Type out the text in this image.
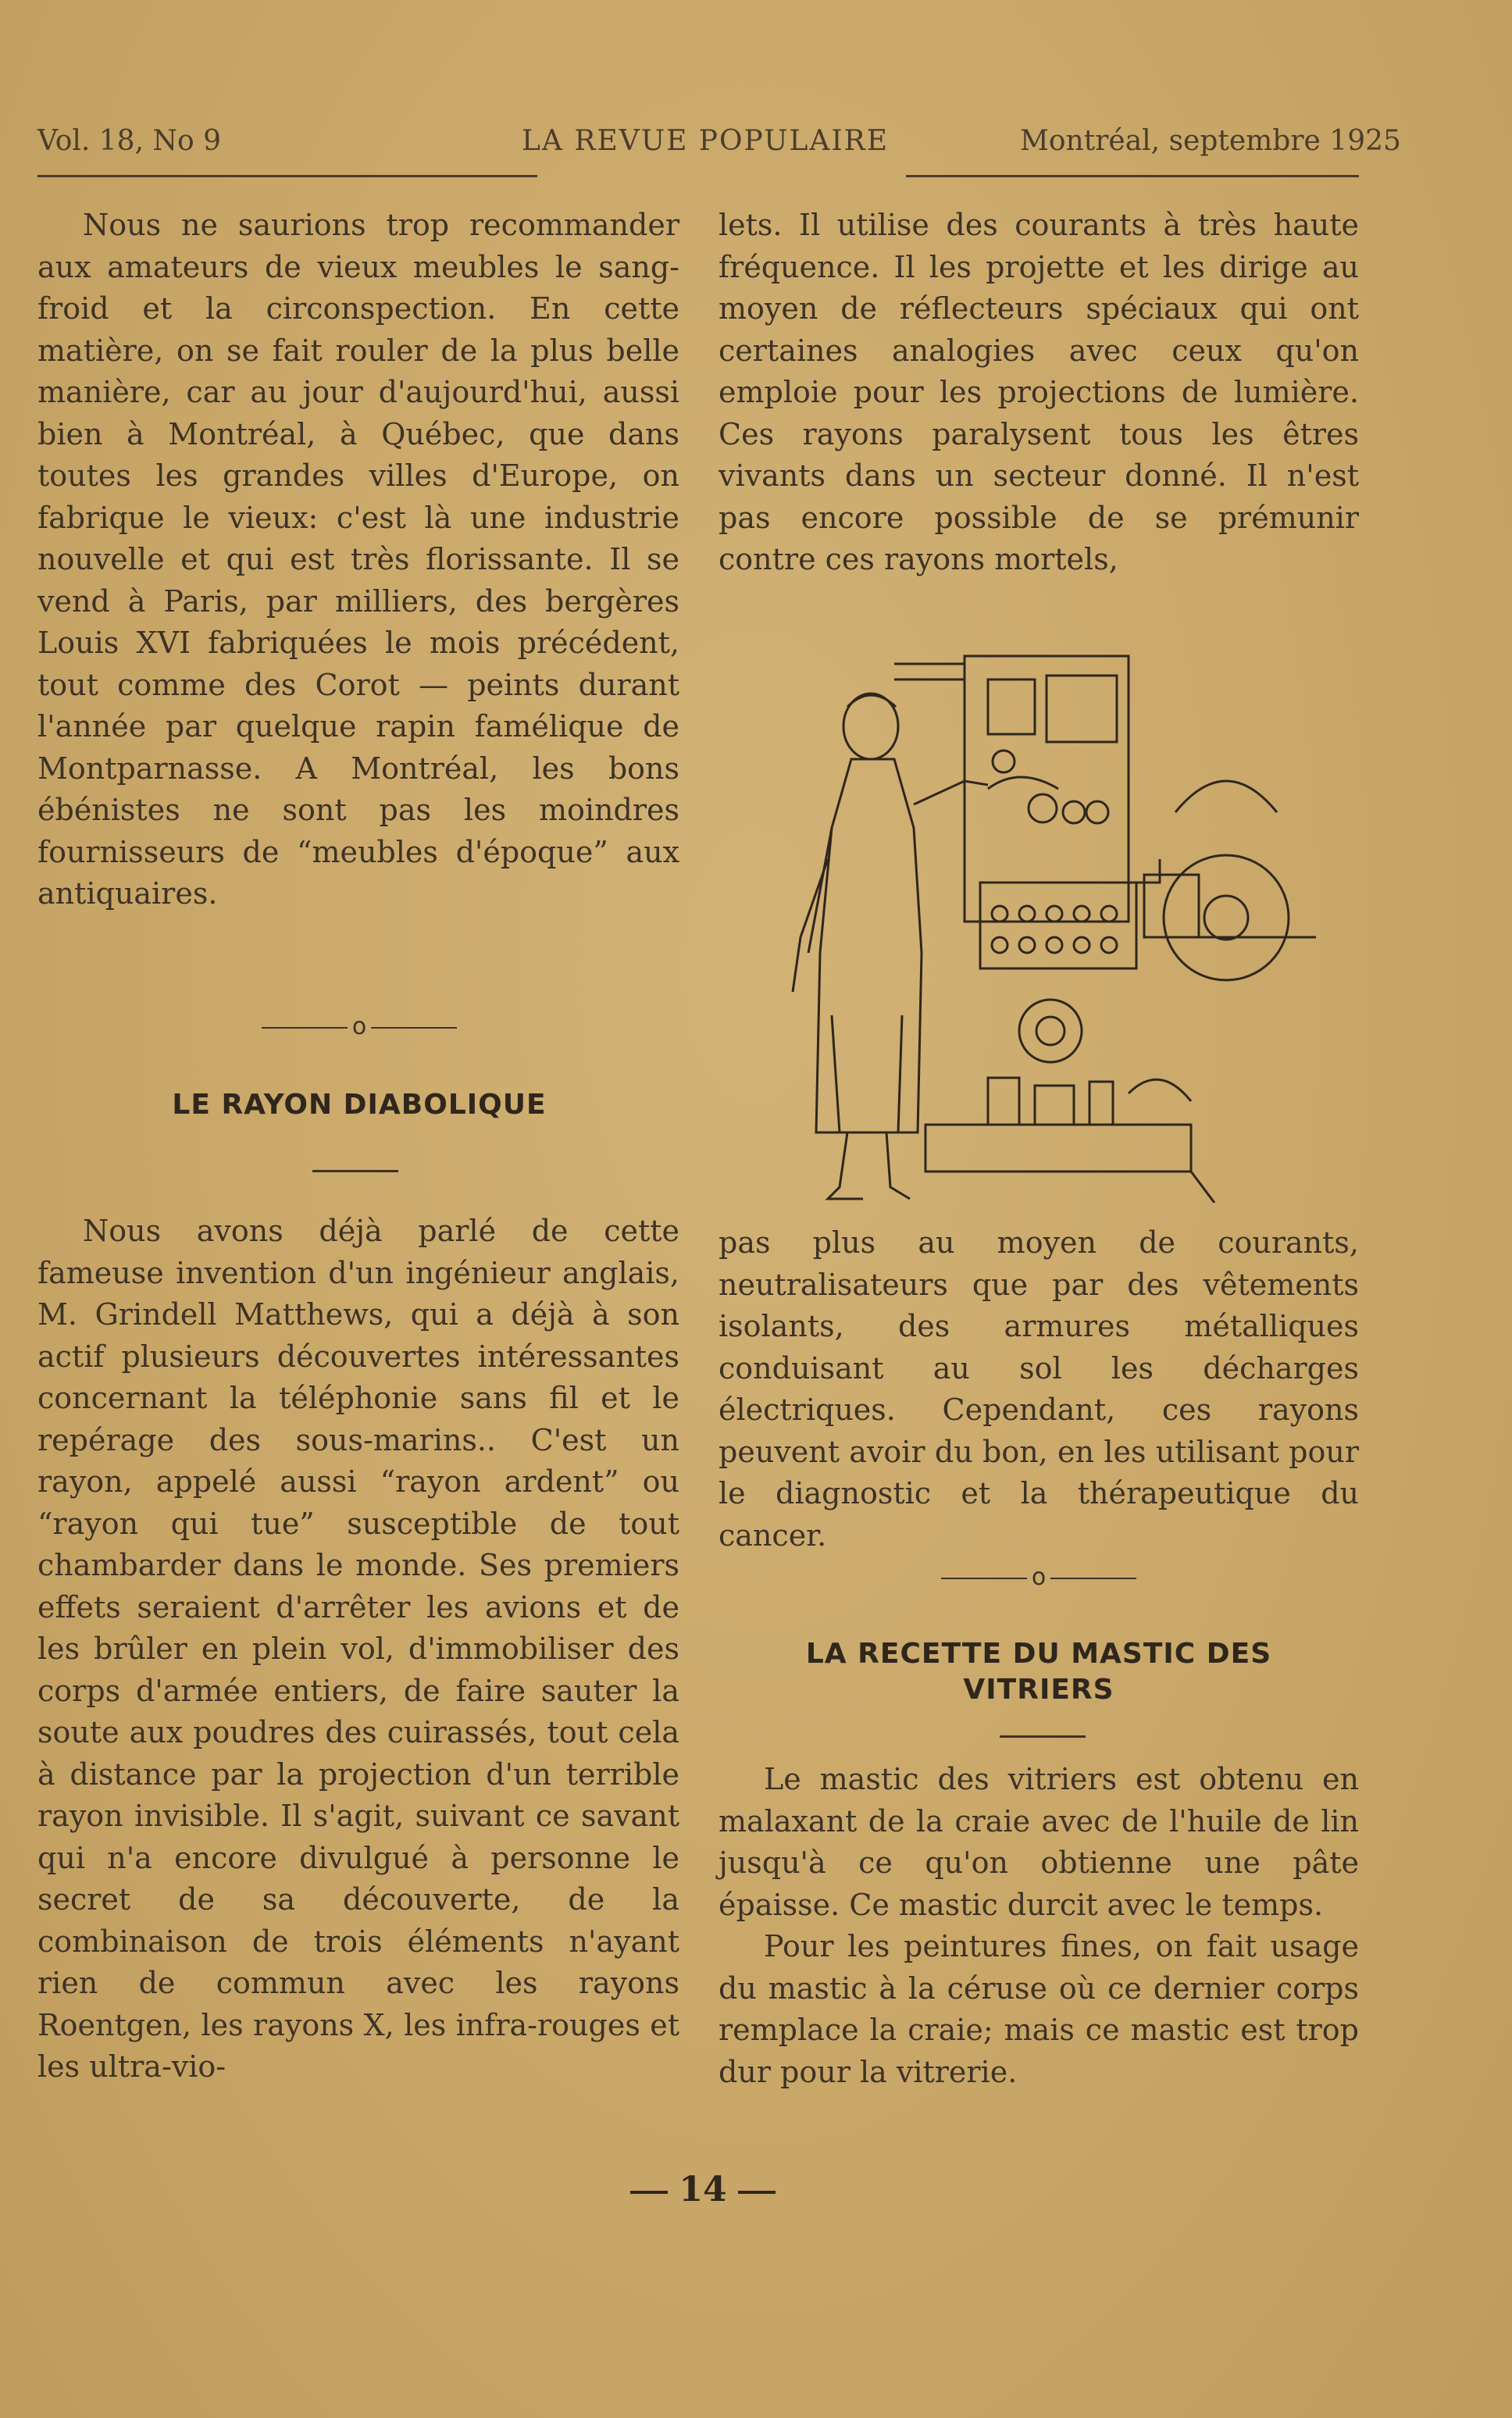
Vol. 18, No 9	LA REVUE POPULAIRE	Montréal, septembre 1925

Nous ne saurions trop recommander aux amateurs de vieux meubles le sang-froid et la circonspection. En cette matière, on se fait rouler de la plus belle manière, car au jour d'aujourd'hui, aussi bien à Montréal, à Québec, que dans toutes les grandes villes d'Europe, on fabrique le vieux: c'est là une industrie nouvelle et qui est très florissante. Il se vend à Paris, par milliers, des bergères Louis XVI fabriquées le mois précédent, tout comme des Corot — peints durant l'année par quelque rapin famélique de Montparnasse. A Montréal, les bons ébénistes ne sont pas les moindres fournisseurs de “meubles d'époque” aux antiquaires.

o
LE RAYON DIABOLIQUE

Nous avons déjà parlé de cette fameuse invention d'un ingénieur anglais, M. Grindell Matthews, qui a déjà à son actif plusieurs découvertes intéressantes concernant la téléphonie sans fil et le repérage des sous-marins.. C'est un rayon, appelé aussi “rayon ardent” ou “rayon qui tue” susceptible de tout chambarder dans le monde. Ses premiers effets seraient d'arrêter les avions et de les brûler en plein vol, d'immobiliser des corps d'armée entiers, de faire sauter la soute aux poudres des cuirassés, tout cela à distance par la projection d'un terrible rayon invisible. Il s'agit, suivant ce savant qui n'a encore divulgué à personne le secret de sa découverte, de la combinaison de trois éléments n'ayant rien de commun avec les rayons Roentgen, les rayons X, les infra-rouges et les ultra-vio-

lets. Il utilise des courants à très haute fréquence. Il les projette et les dirige au moyen de réflecteurs spéciaux qui ont certaines analogies avec ceux qu'on emploie pour les projections de lumière. Ces rayons paralysent tous les êtres vivants dans un secteur donné. Il n'est pas encore possible de se prémunir contre ces rayons mortels,

pas plus au moyen de courants, neutralisateurs que par des vêtements isolants, des armures métalliques conduisant au sol les décharges électriques. Cependant, ces rayons peuvent avoir du bon, en les utilisant pour le diagnostic et la thérapeutique du cancer.

o
LA RECETTE DU MASTIC DES VITRIERS

Le mastic des vitriers est obtenu en malaxant de la craie avec de l'huile de lin jusqu'à ce qu'on obtienne une pâte épaisse. Ce mastic durcit avec le temps.

Pour les peintures fines, on fait usage du mastic à la céruse où ce dernier corps remplace la craie; mais ce mastic est trop dur pour la vitrerie.

14
